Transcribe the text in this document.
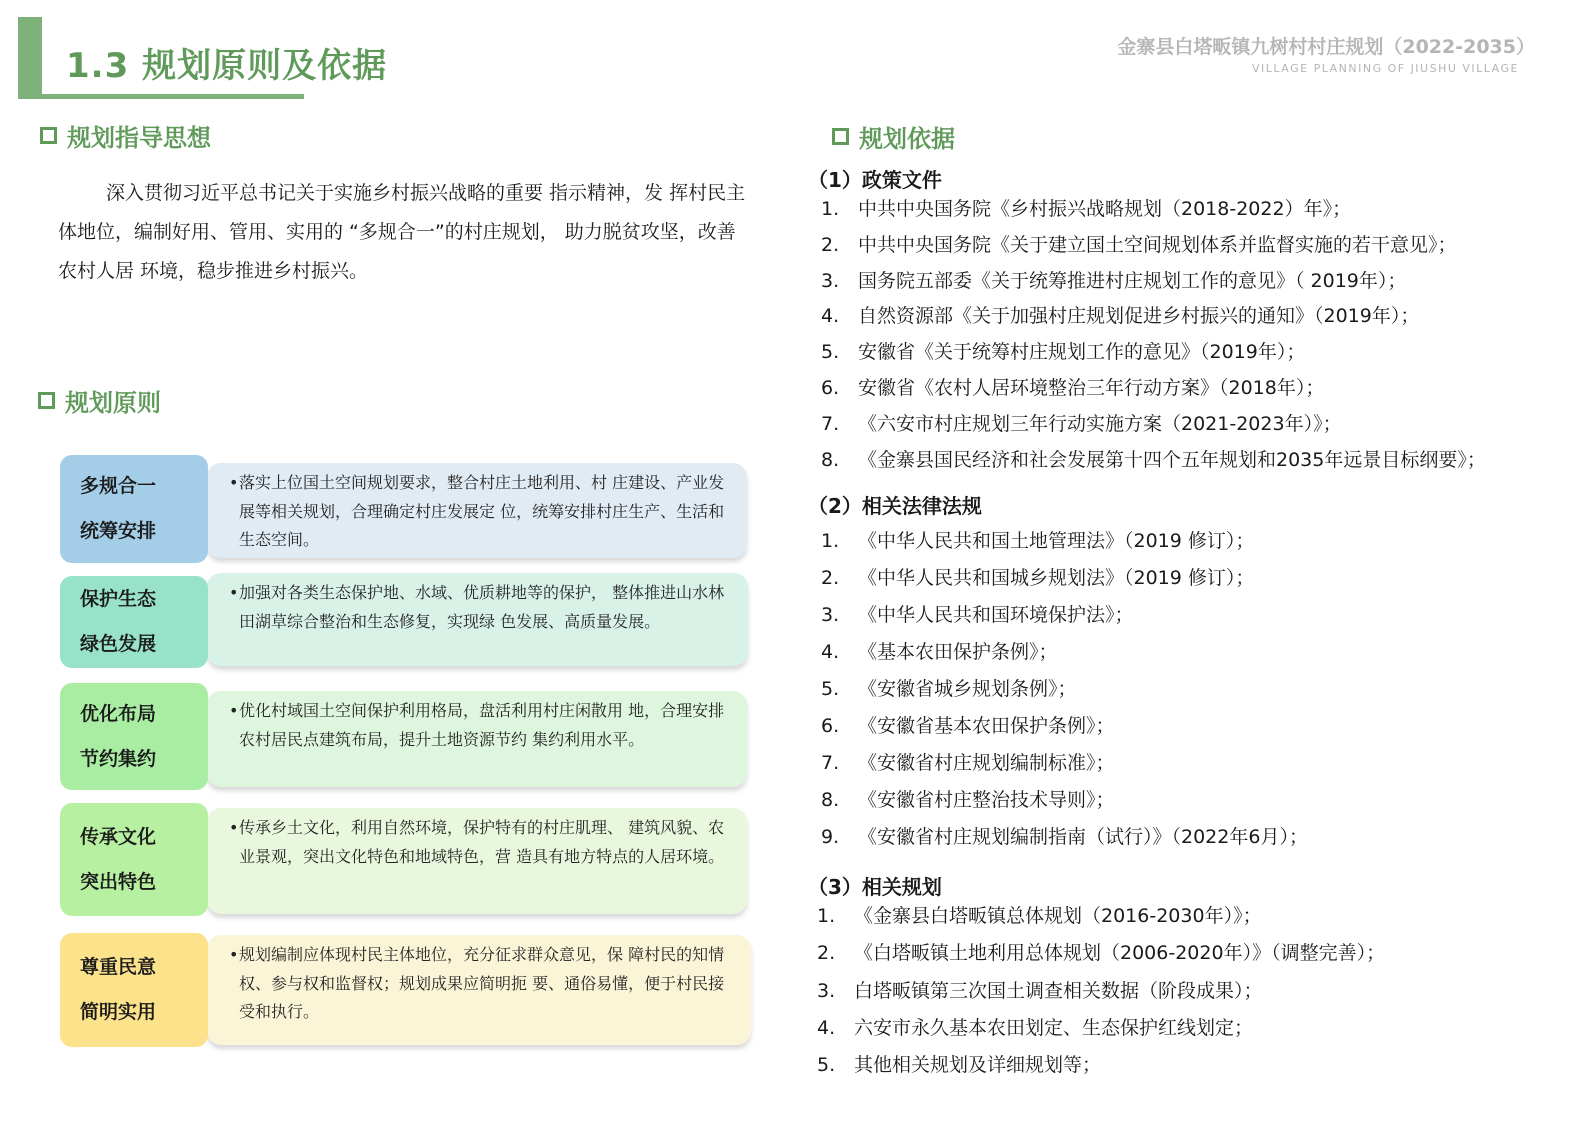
1.3 规划原则及依据	金寨县白塔畈镇九树村村庄规划（2022-2035）
VILLAGE PLANNING OF JIUSHU VILLAGE
规划指导思想

深入贯彻习近平总书记关于实施乡村振兴战略的重要 指示精神，发 挥村民主体地位，编制好用、管用、实用的 “多规合一”的村庄规划， 助力脱贫攻坚，改善农村人居 环境，稳步推进乡村振兴。

规划原则
多规合一
统筹安排
• 落实上位国土空间规划要求，整合村庄土地利用、村 庄建设、产业发展等相关规划，合理确定村庄发展定 位，统筹安排村庄生产、生活和生态空间。
保护生态
绿色发展
• 加强对各类生态保护地、水域、优质耕地等的保护， 整体推进山水林田湖草综合整治和生态修复，实现绿 色发展、高质量发展。
优化布局
节约集约
• 优化村域国土空间保护利用格局，盘活利用村庄闲散用 地，合理安排农村居民点建筑布局，提升土地资源节约 集约利用水平。
传承文化
突出特色
• 传承乡土文化，利用自然环境，保护特有的村庄肌理、 建筑风貌、农业景观，突出文化特色和地域特色，营 造具有地方特点的人居环境。
尊重民意
简明实用
• 规划编制应体现村民主体地位，充分征求群众意见，保 障村民的知情权、参与权和监督权；规划成果应简明扼 要、通俗易懂，便于村民接受和执行。
规划依据
（1）政策文件
1. 中共中央国务院《乡村振兴战略规划（2018-2022）年》；
2. 中共中央国务院《关于建立国土空间规划体系并监督实施的若干意见》；
3. 国务院五部委《关于统筹推进村庄规划工作的意见》（ 2019年）；
4. 自然资源部《关于加强村庄规划促进乡村振兴的通知》（2019年）；
5. 安徽省《关于统筹村庄规划工作的意见》（2019年）；
6. 安徽省《农村人居环境整治三年行动方案》（2018年）；
7. 《六安市村庄规划三年行动实施方案（2021-2023年）》；
8. 《金寨县国民经济和社会发展第十四个五年规划和2035年远景目标纲要》；
（2）相关法律法规
1. 《中华人民共和国土地管理法》（2019 修订）；
2. 《中华人民共和国城乡规划法》（2019 修订）；
3. 《中华人民共和国环境保护法》；
4. 《基本农田保护条例》；
5. 《安徽省城乡规划条例》；
6. 《安徽省基本农田保护条例》；
7. 《安徽省村庄规划编制标准》；
8. 《安徽省村庄整治技术导则》；
9. 《安徽省村庄规划编制指南（试行）》（2022年6月）；
（3）相关规划
1. 《金寨县白塔畈镇总体规划（2016-2030年）》；
2. 《白塔畈镇土地利用总体规划（2006-2020年）》（调整完善）；
3. 白塔畈镇第三次国土调查相关数据（阶段成果）；
4. 六安市永久基本农田划定、生态保护红线划定；
5. 其他相关规划及详细规划等；
